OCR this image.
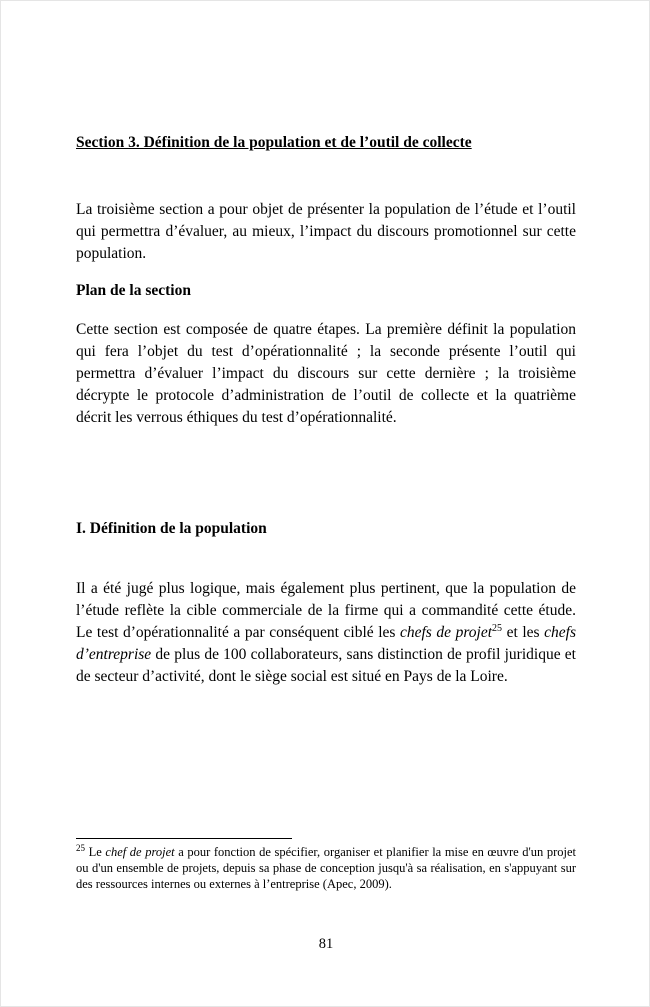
Section 3. Définition de la population et de l’outil de collecte

La troisième section a pour objet de présenter la population de l’étude et l’outil qui permettra d’évaluer, au mieux, l’impact du discours promotionnel sur cette population.

Plan de la section

Cette section est composée de quatre étapes. La première définit la population qui fera l’objet du test d’opérationnalité ; la seconde présente l’outil qui permettra d’évaluer l’impact du discours sur cette dernière ; la troisième décrypte le protocole d’administration de l’outil de collecte et la quatrième décrit les verrous éthiques du test d’opérationnalité.

I. Définition de la population

Il a été jugé plus logique, mais également plus pertinent, que la population de l’étude reflète la cible commerciale de la firme qui a commandité cette étude. Le test d’opérationnalité a par conséquent ciblé les chefs de projet$^{25}$ et les chefs d’entreprise de plus de 100 collaborateurs, sans distinction de profil juridique et de secteur d’activité, dont le siège social est situé en Pays de la Loire.

$^{25}$ Le chef de projet a pour fonction de spécifier, organiser et planifier la mise en œuvre d'un projet ou d'un ensemble de projets, depuis sa phase de conception jusqu'à sa réalisation, en s'appuyant sur des ressources internes ou externes à l’entreprise (Apec, 2009).

81
